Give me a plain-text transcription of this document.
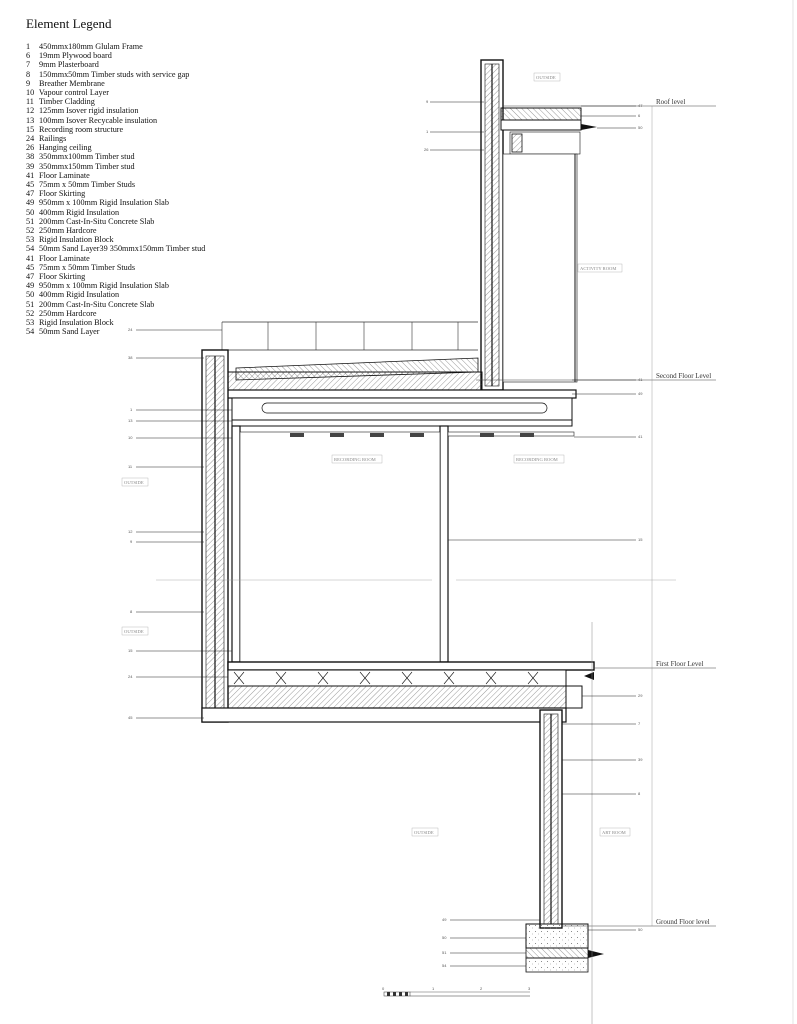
Element Legend
1 450mmx180mm Glulam Frame
6 19mm Plywood board
7 9mm Plasterboard
8 150mmx50mm Timber studs with service gap
9 Breather Membrane
10 Vapour control Layer
11 Timber Cladding
12 125mm Isover rigid insulation
13 100mm Isover Recycable insulation
15 Recording room structure
24 Railings
26 Hanging ceiling
38 350mmx100mm Timber stud
39 350mmx150mm Timber stud
41 Floor Laminate
45 75mm x 50mm Timber Studs
47 Floor Skirting
49 950mm x 100mm Rigid Insulation Slab
50 400mm Rigid Insulation
51 200mm Cast-In-Situ Concrete Slab
52 250mm Hardcore
53 Rigid Insulation Block
54 50mm Sand Layer39 350mmx150mm Timber stud
41 Floor Laminate
45 75mm x 50mm Timber Studs
47 Floor Skirting
49 950mm x 100mm Rigid Insulation Slab
50 400mm Rigid Insulation
51 200mm Cast-In-Situ Concrete Slab
52 250mm Hardcore
53 Rigid Insulation Block
54 50mm Sand Layer
Roof level
Second Floor Level
First Floor Level
Ground Floor level
OUTSIDE
ACTIVITY ROOM
RECORDING ROOM	RECORDING ROOM
OUTSIDE
OUTSIDE
OUTSIDE	ART ROOM
9
1
26
47
6
50
24
38
1
13
10
11
12
9
8
15
24
45
41
49
41
15
29
7
39
8
49
50
51
54
50
0	1	2	3
